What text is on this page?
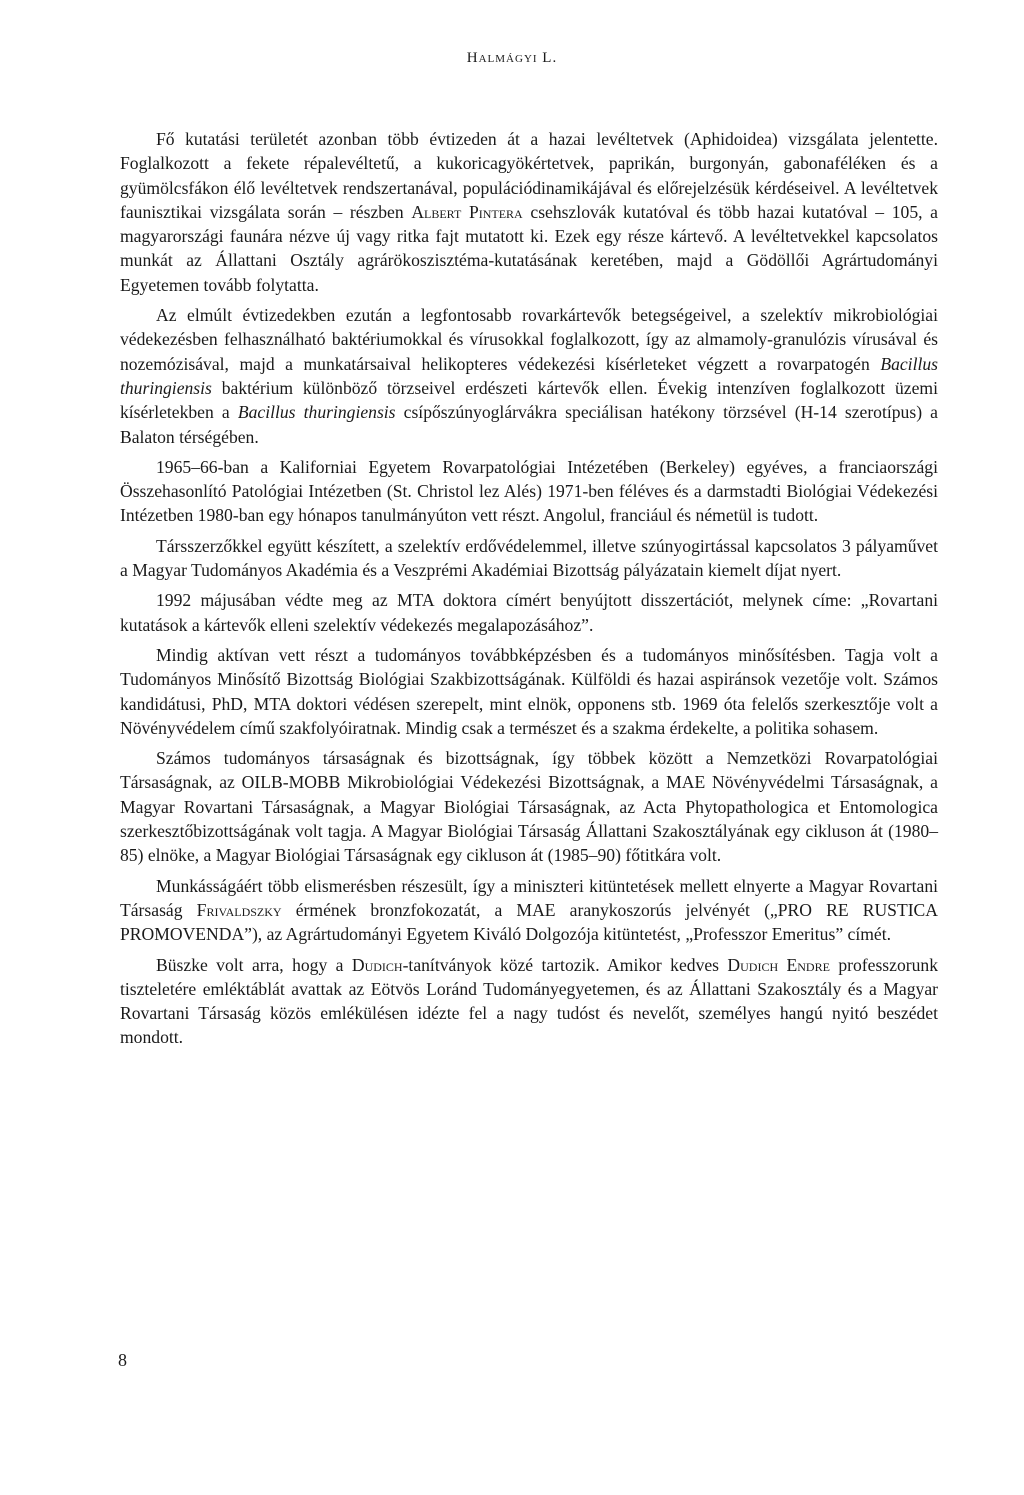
Halmágyi L.

Fő kutatási területét azonban több évtizeden át a hazai levéltetvek (Aphidoidea) vizsgálata jelentette. Foglalkozott a fekete répalevéltetű, a kukoricagyökértetvek, paprikán, burgonyán, gabonaféléken és a gyümölcsfákon élő levéltetvek rendszertanával, populációdinamikájával és előrejelzésük kérdéseivel. A levéltetvek faunisztikai vizsgálata során – részben Albert Pintera csehszlovák kutatóval és több hazai kutatóval – 105, a magyarországi faunára nézve új vagy ritka fajt mutatott ki. Ezek egy része kártevő. A levéltetvekkel kapcsolatos munkát az Állattani Osztály agrárökoszisztéma-kutatásának keretében, majd a Gödöllői Agrártudományi Egyetemen tovább folytatta.

Az elmúlt évtizedekben ezután a legfontosabb rovarkártevők betegségeivel, a szelektív mikrobiológiai védekezésben felhasználható baktériumokkal és vírusokkal foglalkozott, így az almamoly-granulózis vírusával és nozemózisával, majd a munkatársaival helikopteres védekezési kísérleteket végzett a rovarpatogén Bacillus thuringiensis baktérium különböző törzseivel erdészeti kártevők ellen. Évekig intenzíven foglalkozott üzemi kísérletekben a Bacillus thuringiensis csípőszúnyoglárvákra speciálisan hatékony törzsével (H-14 szerotípus) a Balaton térségében.

1965–66-ban a Kaliforniai Egyetem Rovarpatológiai Intézetében (Berkeley) egyéves, a franciaországi Összehasonlító Patológiai Intézetben (St. Christol lez Alés) 1971-ben féléves és a darmstadti Biológiai Védekezési Intézetben 1980-ban egy hónapos tanulmányúton vett részt. Angolul, franciául és németül is tudott.

Társszerzőkkel együtt készített, a szelektív erdővédelemmel, illetve szúnyogirtással kapcsolatos 3 pályaművet a Magyar Tudományos Akadémia és a Veszprémi Akadémiai Bizottság pályázatain kiemelt díjat nyert.

1992 májusában védte meg az MTA doktora címért benyújtott disszertációt, melynek címe: „Rovartani kutatások a kártevők elleni szelektív védekezés megalapozásához”.

Mindig aktívan vett részt a tudományos továbbképzésben és a tudományos minősítésben. Tagja volt a Tudományos Minősítő Bizottság Biológiai Szakbizottságának. Külföldi és hazai aspiránsok vezetője volt. Számos kandidátusi, PhD, MTA doktori védésen szerepelt, mint elnök, opponens stb. 1969 óta felelős szerkesztője volt a Növényvédelem című szakfolyóiratnak. Mindig csak a természet és a szakma érdekelte, a politika sohasem.

Számos tudományos társaságnak és bizottságnak, így többek között a Nemzetközi Rovarpatológiai Társaságnak, az OILB-MOBB Mikrobiológiai Védekezési Bizottságnak, a MAE Növényvédelmi Társaságnak, a Magyar Rovartani Társaságnak, a Magyar Biológiai Társaságnak, az Acta Phytopathologica et Entomologica szerkesztőbizottságának volt tagja. A Magyar Biológiai Társaság Állattani Szakosztályának egy cikluson át (1980–85) elnöke, a Magyar Biológiai Társaságnak egy cikluson át (1985–90) főtitkára volt.

Munkásságáért több elismerésben részesült, így a miniszteri kitüntetések mellett elnyerte a Magyar Rovartani Társaság Frivaldszky érmének bronzfokozatát, a MAE aranykoszorús jelvényét („PRO RE RUSTICA PROMOVENDA”), az Agrártudományi Egyetem Kiváló Dolgozója kitüntetést, „Professzor Emeritus” címét.

Büszke volt arra, hogy a Dudich-tanítványok közé tartozik. Amikor kedves Dudich Endre professzorunk tiszteletére emléktáblát avattak az Eötvös Loránd Tudományegyetemen, és az Állattani Szakosztály és a Magyar Rovartani Társaság közös emlékülésen idézte fel a nagy tudóst és nevelőt, személyes hangú nyitó beszédet mondott.

8
